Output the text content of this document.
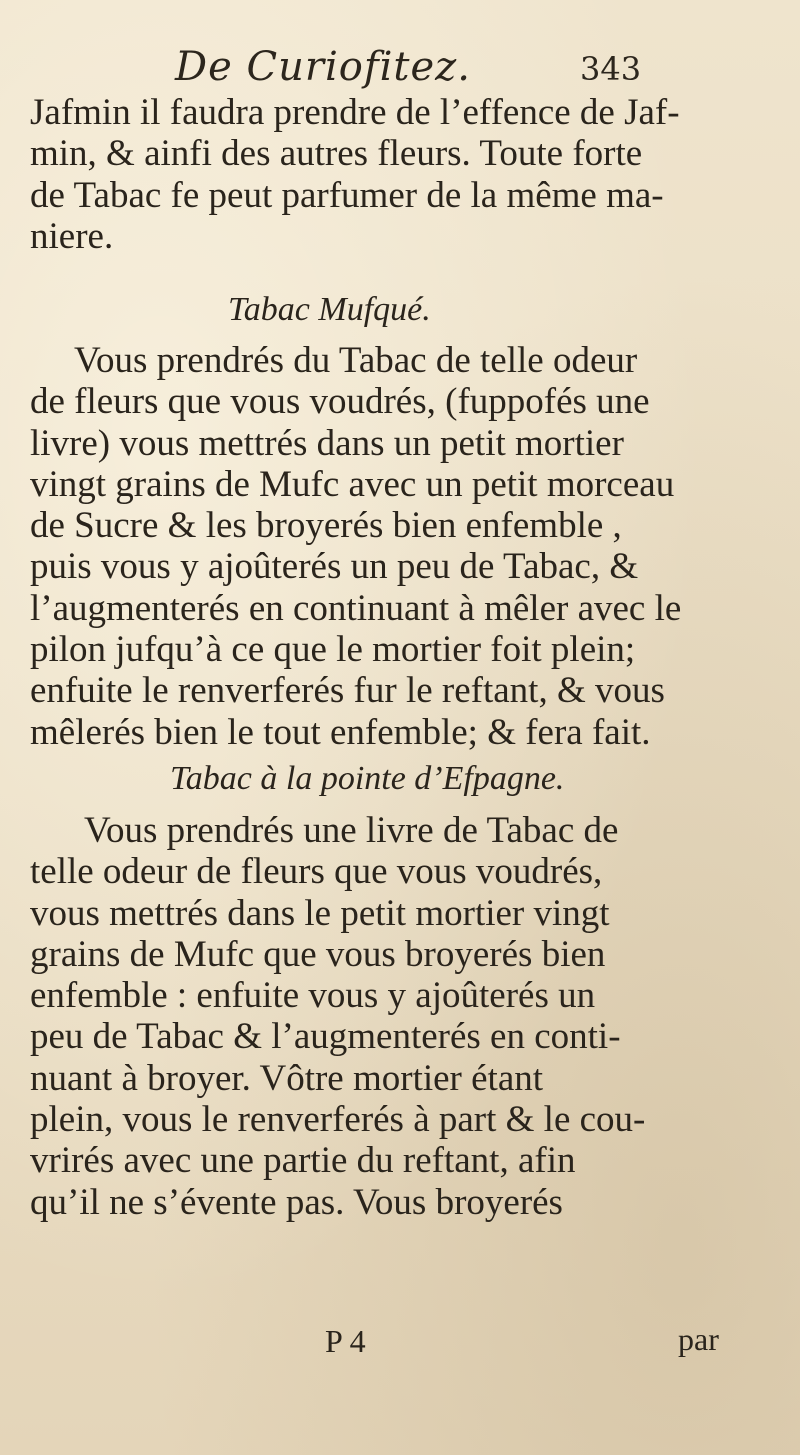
De Curiofitez.	343
Jafmin il faudra prendre de l’effence de Jaf-
min, & ainfi des autres fleurs. Toute forte
de Tabac fe peut parfumer de la même ma-
niere.
Tabac Mufqué.
Vous prendrés du Tabac de telle odeur
de fleurs que vous voudrés, (fuppofés une
livre) vous mettrés dans un petit mortier
vingt grains de Mufc avec un petit morceau
de Sucre & les broyerés bien enfemble ,
puis vous y ajoûterés un peu de Tabac, &
l’augmenterés en continuant à mêler avec le
pilon jufqu’à ce que le mortier foit plein;
enfuite le renverferés fur le reftant, & vous
mêlerés bien le tout enfemble; & fera fait.
Tabac à la pointe d’Efpagne.
Vous prendrés une livre de Tabac de
telle odeur de fleurs que vous voudrés,
vous mettrés dans le petit mortier vingt
grains de Mufc que vous broyerés bien
enfemble : enfuite vous y ajoûterés un
peu de Tabac & l’augmenterés en conti-
nuant à broyer. Vôtre mortier étant
plein, vous le renverferés à part & le cou-
vrirés avec une partie du reftant, afin
qu’il ne s’évente pas. Vous broyerés
P 4	par
